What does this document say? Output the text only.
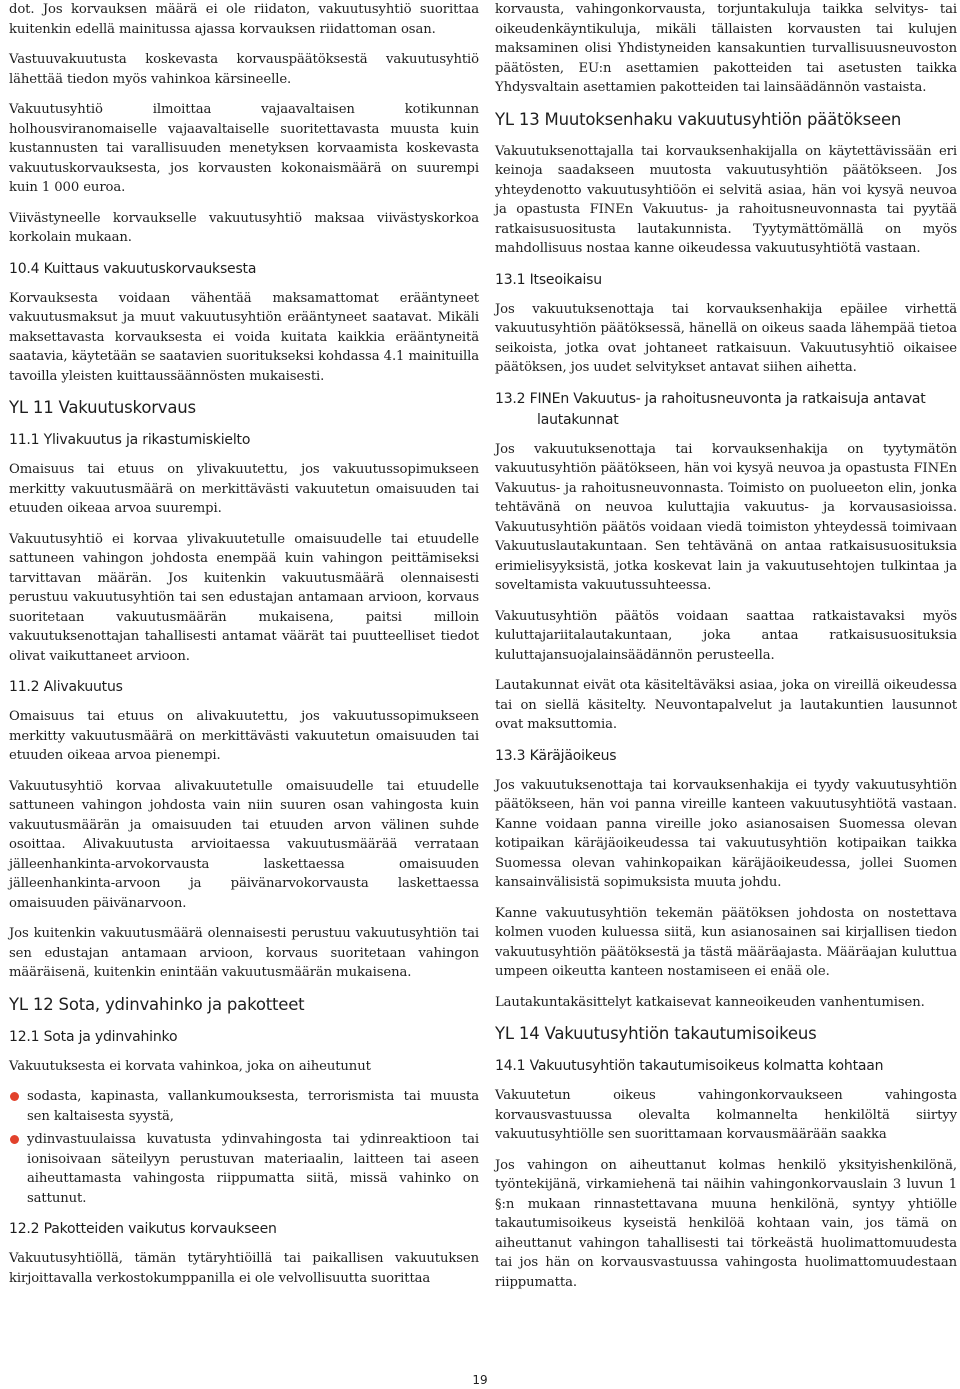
dot. Jos korvauksen määrä ei ole riidaton, vakuutusyhtiö suorittaa kuitenkin edellä mainitussa ajassa korvauksen riidattoman osan.

Vastuuvakuutusta koskevasta korvauspäätöksestä vakuutusyhtiö lähettää tiedon myös vahinkoa kärsineelle.

Vakuutusyhtiö ilmoittaa vajaavaltaisen kotikunnan holhousviranomaiselle vajaavaltaiselle suoritettavasta muusta kuin kustannusten tai varallisuuden menetyksen korvaamista koskevasta vakuutuskorvauksesta, jos korvausten kokonaismäärä on suurempi kuin 1 000 euroa.

Viivästyneelle korvaukselle vakuutusyhtiö maksaa viivästyskorkoa korkolain mukaan.

10.4 Kuittaus vakuutuskorvauksesta

Korvauksesta voidaan vähentää maksamattomat erääntyneet vakuutusmaksut ja muut vakuutusyhtiön erääntyneet saatavat. Mikäli maksettavasta korvauksesta ei voida kuitata kaikkia erääntyneitä saatavia, käytetään se saatavien suoritukseksi kohdassa 4.1 mainituilla tavoilla yleisten kuittaussäännösten mukaisesti.

YL 11 Vakuutuskorvaus
11.1 Ylivakuutus ja rikastumiskielto

Omaisuus tai etuus on ylivakuutettu, jos vakuutussopimukseen merkitty vakuutusmäärä on merkittävästi vakuutetun omaisuuden tai etuuden oikeaa arvoa suurempi.

Vakuutusyhtiö ei korvaa ylivakuutetulle omaisuudelle tai etuudelle sattuneen vahingon johdosta enempää kuin vahingon peittämiseksi tarvittavan määrän. Jos kuitenkin vakuutusmäärä olennaisesti perustuu vakuutusyhtiön tai sen edustajan antamaan arvioon, korvaus suoritetaan vakuutusmäärän mukaisena, paitsi milloin vakuutuksenottajan tahallisesti antamat väärät tai puutteelliset tiedot olivat vaikuttaneet arvioon.

11.2 Alivakuutus

Omaisuus tai etuus on alivakuutettu, jos vakuutussopimukseen merkitty vakuutusmäärä on merkittävästi vakuutetun omaisuuden tai etuuden oikeaa arvoa pienempi.

Vakuutusyhtiö korvaa alivakuutetulle omaisuudelle tai etuudelle sattuneen vahingon johdosta vain niin suuren osan vahingosta kuin vakuutusmäärän ja omaisuuden tai etuuden arvon välinen suhde osoittaa. Alivakuutusta arvioitaessa vakuutusmäärää verrataan jälleenhankinta-arvokorvausta laskettaessa omaisuuden jälleenhankinta-arvoon ja päivänarvokorvausta laskettaessa omaisuuden päivänarvoon.

Jos kuitenkin vakuutusmäärä olennaisesti perustuu vakuutusyhtiön tai sen edustajan antamaan arvioon, korvaus suoritetaan vahingon määräisenä, kuitenkin enintään vakuutusmäärän mukaisena.

YL 12 Sota, ydinvahinko ja pakotteet
12.1 Sota ja ydinvahinko

Vakuutuksesta ei korvata vahinkoa, joka on aiheutunut

sodasta, kapinasta, vallankumouksesta, terrorismista tai muusta sen kaltaisesta syystä,
ydinvastuulaissa kuvatusta ydinvahingosta tai ydinreaktioon tai ionisoivaan säteilyyn perustuvan materiaalin, laitteen tai aseen aiheuttamasta vahingosta riippumatta siitä, missä vahinko on sattunut.
12.2 Pakotteiden vaikutus korvaukseen

Vakuutusyhtiöllä, tämän tytäryhtiöillä tai paikallisen vakuutuksen kirjoittavalla verkostokumppanilla ei ole velvollisuutta suorittaa

korvausta, vahingonkorvausta, torjuntakuluja taikka selvitys- tai oikeudenkäyntikuluja, mikäli tällaisten korvausten tai kulujen maksaminen olisi Yhdistyneiden kansakuntien turvallisuusneuvoston päätösten, EU:n asettamien pakotteiden tai asetusten taikka Yhdysvaltain asettamien pakotteiden tai lainsäädännön vastaista.

YL 13 Muutoksenhaku vakuutusyhtiön päätökseen

Vakuutuksenottajalla tai korvauksenhakijalla on käytettävissään eri keinoja saadakseen muutosta vakuutusyhtiön päätökseen. Jos yhteydenotto vakuutusyhtiöön ei selvitä asiaa, hän voi kysyä neuvoa ja opastusta FINEn Vakuutus- ja rahoitusneuvonnasta tai pyytää ratkaisusuositusta lautakunnista. Tyytymättömällä on myös mahdollisuus nostaa kanne oikeudessa vakuutusyhtiötä vastaan.

13.1 Itseoikaisu

Jos vakuutuksenottaja tai korvauksenhakija epäilee virhettä vakuutusyhtiön päätöksessä, hänellä on oikeus saada lähempää tietoa seikoista, jotka ovat johtaneet ratkaisuun. Vakuutusyhtiö oikaisee päätöksen, jos uudet selvitykset antavat siihen aihetta.

13.2 FINEn Vakuutus- ja rahoitusneuvonta ja ratkaisuja antavat lautakunnat

Jos vakuutuksenottaja tai korvauksenhakija on tyytymätön vakuutusyhtiön päätökseen, hän voi kysyä neuvoa ja opastusta FINEn Vakuutus- ja rahoitusneuvonnasta. Toimisto on puolueeton elin, jonka tehtävänä on neuvoa kuluttajia vakuutus- ja korvausasioissa. Vakuutusyhtiön päätös voidaan viedä toimiston yhteydessä toimivaan Vakuutuslautakuntaan. Sen tehtävänä on antaa ratkaisusuosituksia erimielisyyksistä, jotka koskevat lain ja vakuutusehtojen tulkintaa ja soveltamista vakuutussuhteessa.

Vakuutusyhtiön päätös voidaan saattaa ratkaistavaksi myös kuluttajariitalautakuntaan, joka antaa ratkaisusuosituksia kuluttajansuojalainsäädännön perusteella.

Lautakunnat eivät ota käsiteltäväksi asiaa, joka on vireillä oikeudessa tai on siellä käsitelty. Neuvontapalvelut ja lautakuntien lausunnot ovat maksuttomia.

13.3 Käräjäoikeus

Jos vakuutuksenottaja tai korvauksenhakija ei tyydy vakuutusyhtiön päätökseen, hän voi panna vireille kanteen vakuutusyhtiötä vastaan. Kanne voidaan panna vireille joko asianosaisen Suomessa olevan kotipaikan käräjäoikeudessa tai vakuutusyhtiön kotipaikan taikka Suomessa olevan vahinkopaikan käräjäoikeudessa, jollei Suomen kansainvälisistä sopimuksista muuta johdu.

Kanne vakuutusyhtiön tekemän päätöksen johdosta on nostettava kolmen vuoden kuluessa siitä, kun asianosainen sai kirjallisen tiedon vakuutusyhtiön päätöksestä ja tästä määräajasta. Määräajan kuluttua umpeen oikeutta kanteen nostamiseen ei enää ole.

Lautakuntakäsittelyt katkaisevat kanneoikeuden vanhentumisen.

YL 14 Vakuutusyhtiön takautumisoikeus
14.1 Vakuutusyhtiön takautumisoikeus kolmatta kohtaan

Vakuutetun oikeus vahingonkorvaukseen vahingosta korvausvastuussa olevalta kolmannelta henkilöltä siirtyy vakuutusyhtiölle sen suorittamaan korvausmäärään saakka

Jos vahingon on aiheuttanut kolmas henkilö yksityishenkilönä, työntekijänä, virkamiehenä tai näihin vahingonkorvauslain 3 luvun 1 §:n mukaan rinnastettavana muuna henkilönä, syntyy yhtiölle takautumisoikeus kyseistä henkilöä kohtaan vain, jos tämä on aiheuttanut vahingon tahallisesti tai törkeästä huolimattomuudesta tai jos hän on korvausvastuussa vahingosta huolimattomuudestaan riippumatta.

19
